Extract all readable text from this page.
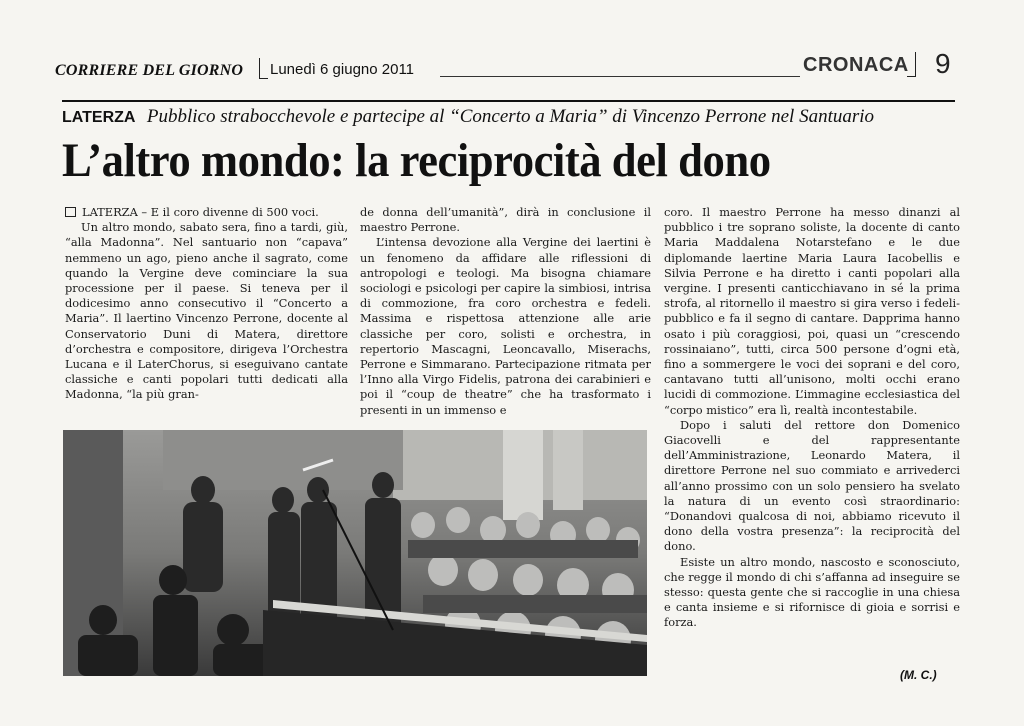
CORRIERE DEL GIORNO Lunedì 6 giugno 2011	CRONACA 9
LATERZA Pubblico strabocchevole e partecipe al “Concerto a Maria” di Vincenzo Perrone nel Santuario
L’altro mondo: la reciprocità del dono

LATERZA – E il coro divenne di 500 voci.

Un altro mondo, sabato sera, fino a tardi, giù, “alla Madonna”. Nel santuario non “capava” nemmeno un ago, pieno anche il sagrato, come quando la Vergine deve cominciare la sua processione per il paese. Si teneva per il dodicesimo anno consecutivo il “Concerto a Maria”. Il laertino Vincenzo Perrone, docente al Conservatorio Duni di Matera, direttore d’orchestra e compositore, dirigeva l’Orchestra Lucana e il LaterChorus, si eseguivano cantate classiche e canti popolari tutti dedicati alla Madonna, “la più gran-

de donna dell’umanità”, dirà in conclusione il maestro Perrone.

L’intensa devozione alla Vergine dei laertini è un fenomeno da affidare alle riflessioni di antropologi e teologi. Ma bisogna chiamare sociologi e psicologi per capire la simbiosi, intrisa di commozione, fra coro orchestra e fedeli. Massima e rispettosa attenzione alle arie classiche per coro, solisti e orchestra, in repertorio Mascagni, Leoncavallo, Miserachs, Perrone e Simmarano. Partecipazione ritmata per l’Inno alla Virgo Fidelis, patrona dei carabinieri e poi il “coup de theatre” che ha trasformato i presenti in un immenso e

coro. Il maestro Perrone ha messo dinanzi al pubblico i tre soprano soliste, la docente di canto Maria Maddalena Notarstefano e le due diplomande laertine Maria Laura Iacobellis e Silvia Perrone e ha diretto i canti popolari alla vergine. I presenti canticchiavano in sé la prima strofa, al ritornello il maestro si gira verso i fedeli-pubblico e fa il segno di cantare. Dapprima hanno osato i più coraggiosi, poi, quasi un “crescendo rossinaiano”, tutti, circa 500 persone d’ogni età, fino a sommergere le voci dei soprani e del coro, cantavano tutti all’unisono, molti occhi erano lucidi di commozione. L’immagine ecclesiastica del “corpo mistico” era lì, realtà incontestabile.

Dopo i saluti del rettore don Domenico Giacovelli e del rappresentante dell’Amministrazione, Leonardo Matera, il direttore Perrone nel suo commiato e arrivederci all’anno prossimo con un solo pensiero ha svelato la natura di un evento così straordinario: “Donandovi qualcosa di noi, abbiamo ricevuto il dono della vostra presenza”: la reciprocità del dono.

Esiste un altro mondo, nascosto e sconosciuto, che regge il mondo di chi s’affanna ad inseguire se stesso: questa gente che si raccoglie in una chiesa e canta insieme e si rifornisce di gioia e sorrisi e forza.

(M. C.)
